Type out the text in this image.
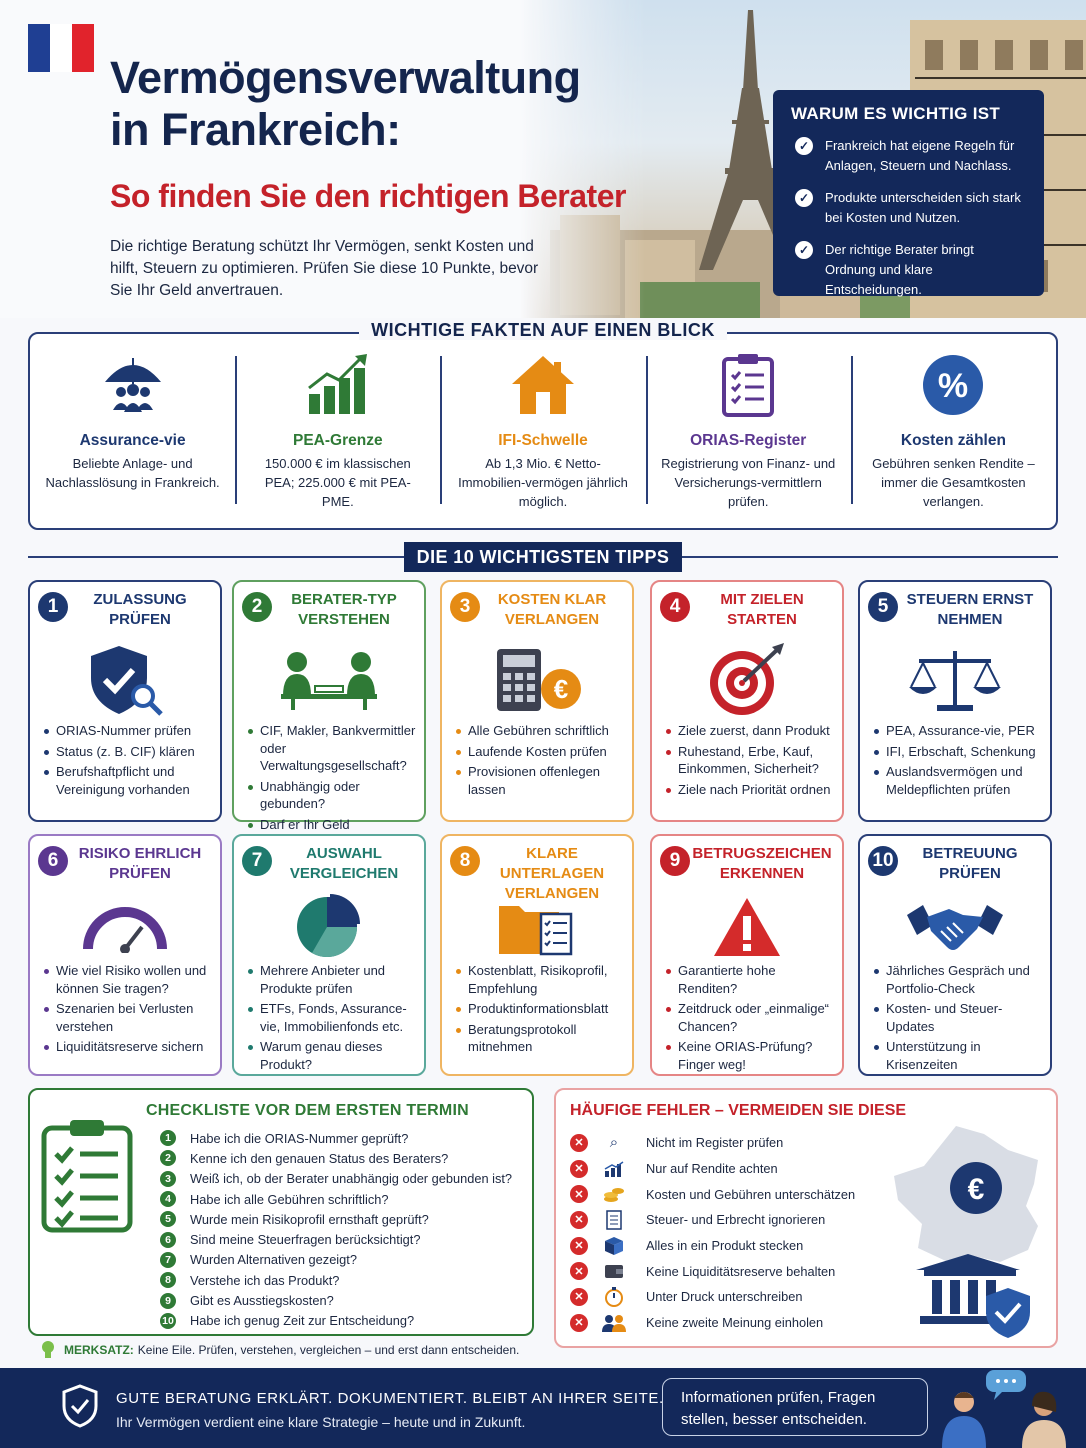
Vermögensverwaltung
in Frankreich:
So finden Sie den richtigen Berater
Die richtige Beratung schützt Ihr Vermögen, senkt Kosten und hilft, Steuern zu optimieren. Prüfen Sie diese 10 Punkte, bevor Sie Ihr Geld anvertrauen.
WARUM ES WICHTIG IST
✓	Frankreich hat eigene Regeln für Anlagen, Steuern und Nachlass.
✓	Produkte unterscheiden sich stark bei Kosten und Nutzen.
✓	Der richtige Berater bringt Ordnung und klare Entscheidungen.
Assurance-vie
Beliebte Anlage- und Nachlasslösung in Frankreich.
PEA-Grenze
150.000 € im klassischen PEA; 225.000 € mit PEA-PME.
IFI-Schwelle
Ab 1,3 Mio. € Netto-Immobilien-vermögen jährlich möglich.
ORIAS-Register
Registrierung von Finanz- und Versicherungs-vermittlern prüfen.
%
Kosten zählen
Gebühren senken Rendite – immer die Gesamtkosten verlangen.
WICHTIGE FAKTEN AUF EINEN BLICK
DIE 10 WICHTIGSTEN TIPPS
1	ZULASSUNG PRÜFEN
ORIAS-Nummer prüfen
Status (z. B. CIF) klären
Berufshaftpflicht und Vereinigung vorhanden
2	BERATER-TYP VERSTEHEN
CIF, Makler, Bankvermittler oder Verwaltungsgesellschaft?
Unabhängig oder gebunden?
Darf er Ihr Geld
3	KOSTEN KLAR VERLANGEN
€
Alle Gebühren schriftlich
Laufende Kosten prüfen
Provisionen offenlegen lassen
4	MIT ZIELEN STARTEN
Ziele zuerst, dann Produkt
Ruhestand, Erbe, Kauf, Einkommen, Sicherheit?
Ziele nach Priorität ordnen
5	STEUERN ERNST NEHMEN
PEA, Assurance-vie, PER
IFI, Erbschaft, Schenkung
Auslandsvermögen und Meldepflichten prüfen
6	RISIKO EHRLICH PRÜFEN
Wie viel Risiko wollen und können Sie tragen?
Szenarien bei Verlusten verstehen
Liquiditätsreserve sichern
7	AUSWAHL VERGLEICHEN
Mehrere Anbieter und Produkte prüfen
ETFs, Fonds, Assurance-vie, Immobilienfonds etc.
Warum genau dieses Produkt?
8	KLARE UNTERLAGEN VERLANGEN
Kostenblatt, Risikoprofil, Empfehlung
Produktinformationsblatt
Beratungsprotokoll mitnehmen
9 BETRUGSZEICHEN ERKENNEN
Garantierte hohe Renditen?
Zeitdruck oder „einmalige“ Chancen?
Keine ORIAS-Prüfung? Finger weg!
10	BETREUUNG PRÜFEN
Jährliches Gespräch und Portfolio-Check
Kosten- und Steuer-Updates
Unterstützung in Krisenzeiten
CHECKLISTE VOR DEM ERSTEN TERMIN
1	Habe ich die ORIAS-Nummer geprüft?
2	Kenne ich den genauen Status des Beraters?
3	Weiß ich, ob der Berater unabhängig oder gebunden ist?
4	Habe ich alle Gebühren schriftlich?
5	Wurde mein Risikoprofil ernsthaft geprüft?
6	Sind meine Steuerfragen berücksichtigt?
7	Wurden Alternativen gezeigt?
8	Verstehe ich das Produkt?
9	Gibt es Ausstiegskosten?
10 Habe ich genug Zeit zur Entscheidung?
MERKSATZ: Keine Eile. Prüfen, verstehen, vergleichen – und erst dann entscheiden.
HÄUFIGE FEHLER – VERMEIDEN SIE DIESE
✕	⌕	Nicht im Register prüfen
✕	Nur auf Rendite achten
✕	Kosten und Gebühren unterschätzen
✕	Steuer- und Erbrecht ignorieren
✕	Alles in ein Produkt stecken
✕	Keine Liquiditätsreserve behalten
✕	Unter Druck unterschreiben
✕	Keine zweite Meinung einholen
€
GUTE BERATUNG ERKLÄRT. DOKUMENTIERT. BLEIBT AN IHRER SEITE.
Ihr Vermögen verdient eine klare Strategie – heute und in Zukunft.
Informationen prüfen, Fragen stellen, besser entscheiden.
